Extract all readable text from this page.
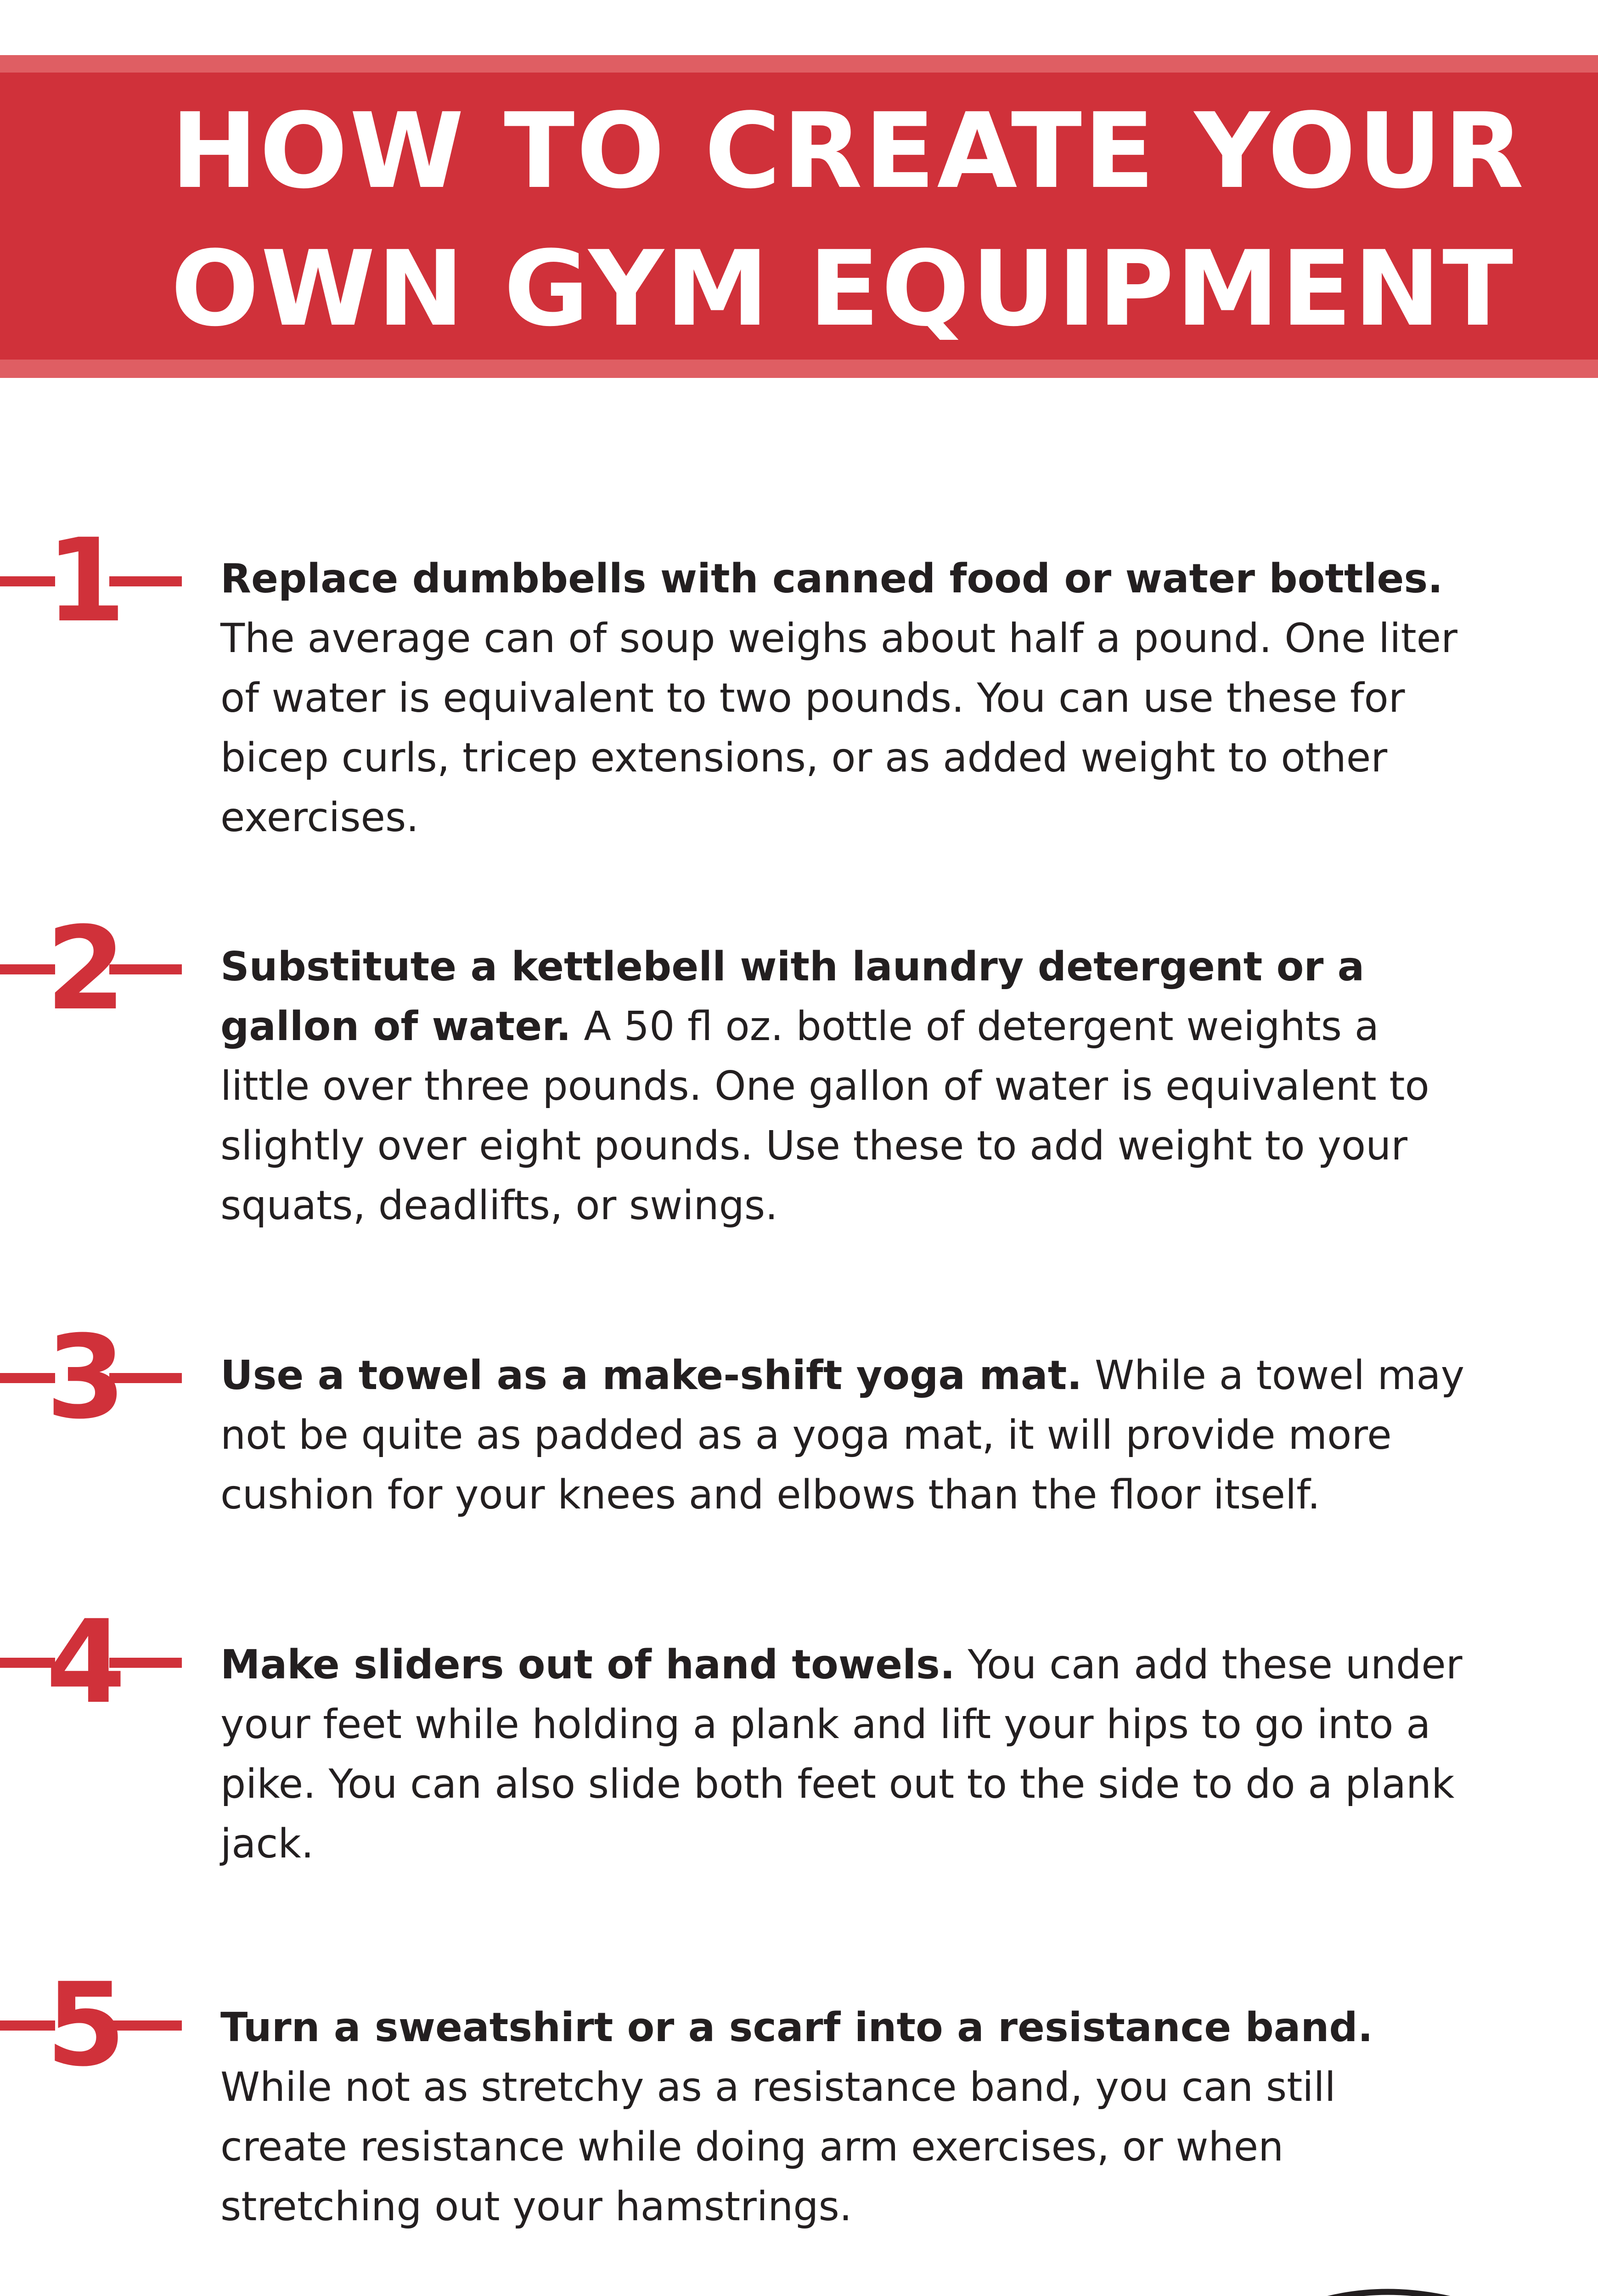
HOW TO CREATE YOUR
OWN GYM EQUIPMENT
1 Replace dumbbells with canned food or water bottles. The average can of soup weighs about half a pound. One liter of water is equivalent to two pounds. You can use these for bicep curls, tricep extensions, or as added weight to other exercises.

2 Substitute a kettlebell with laundry detergent or a gallon of water. A 50 fl oz. bottle of detergent weights a little over three pounds. One gallon of water is equivalent to slightly over eight pounds. Use these to add weight to your squats, deadlifts, or swings.

3 Use a towel as a make-shift yoga mat. While a towel may not be quite as padded as a yoga mat, it will provide more cushion for your knees and elbows than the floor itself.

4 Make sliders out of hand towels. You can add these under your feet while holding a plank and lift your hips to go into a pike. You can also slide both feet out to the side to do a plank jack.

5 Turn a sweatshirt or a scarf into a resistance band. While not as stretchy as a resistance band, you can still create resistance while doing arm exercises, or when stretching out your hamstrings.
